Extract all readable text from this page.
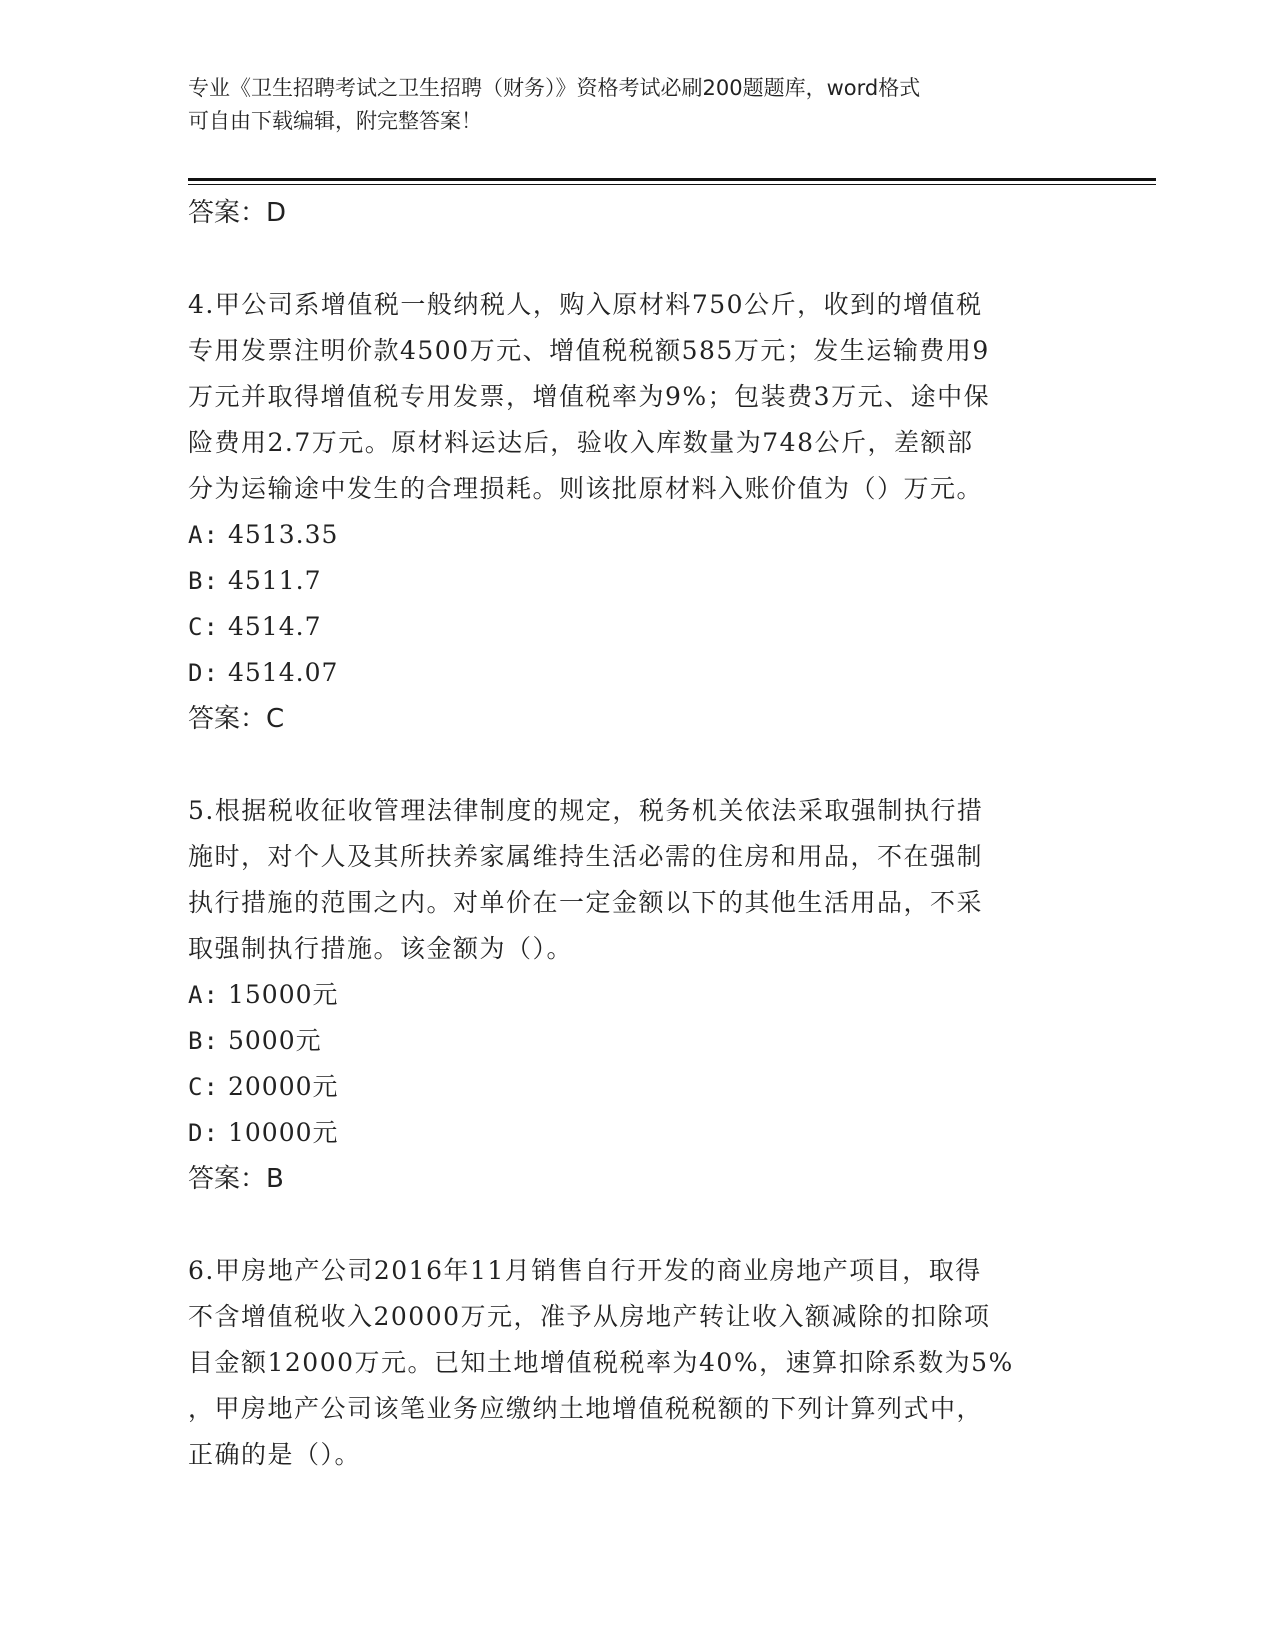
专业《卫生招聘考试之卫生招聘（财务）》资格考试必刷200题题库，word格式
可自由下载编辑，附完整答案！
答案：D
4.甲公司系增值税一般纳税人，购入原材料750公斤，收到的增值税
专用发票注明价款4500万元、增值税税额585万元；发生运输费用9
万元并取得增值税专用发票，增值税率为9%；包装费3万元、途中保
险费用2.7万元。原材料运达后，验收入库数量为748公斤，差额部
分为运输途中发生的合理损耗。则该批原材料入账价值为（）万元。
A: 4513.35
B: 4511.7
C: 4514.7
D: 4514.07
答案：C
5.根据税收征收管理法律制度的规定，税务机关依法采取强制执行措
施时，对个人及其所扶养家属维持生活必需的住房和用品，不在强制
执行措施的范围之内。对单价在一定金额以下的其他生活用品，不采
取强制执行措施。该金额为（）。
A: 15000元
B: 5000元
C: 20000元
D: 10000元
答案：B
6.甲房地产公司2016年11月销售自行开发的商业房地产项目，取得
不含增值税收入20000万元，准予从房地产转让收入额减除的扣除项
目金额12000万元。已知土地增值税税率为40%，速算扣除系数为5%
，甲房地产公司该笔业务应缴纳土地增值税税额的下列计算列式中，
正确的是（）。
